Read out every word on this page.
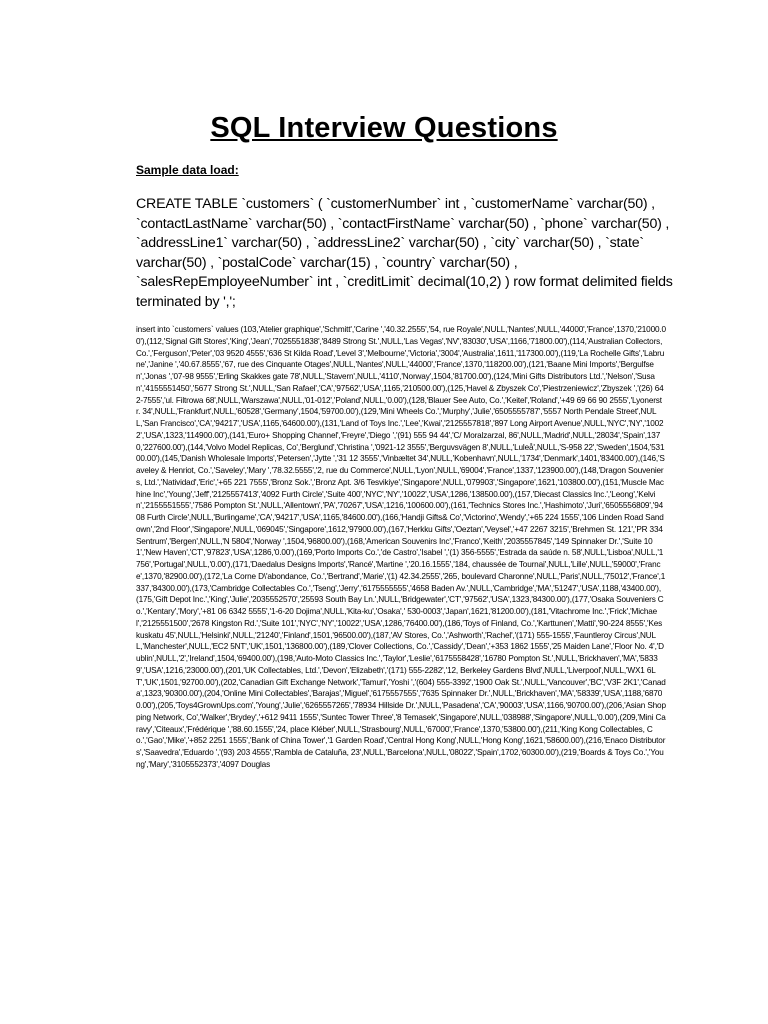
SQL Interview Questions
Sample data load:
CREATE TABLE `customers` ( `customerNumber` int , `customerName` varchar(50) , `contactLastName` varchar(50) , `contactFirstName` varchar(50) , `phone` varchar(50) , `addressLine1` varchar(50) , `addressLine2` varchar(50) , `city` varchar(50) , `state` varchar(50) , `postalCode` varchar(15) , `country` varchar(50) , `salesRepEmployeeNumber` int , `creditLimit` decimal(10,2) ) row format delimited fields terminated by ',';
insert into `customers` values (103,'Atelier graphique','Schmitt','Carine ','40.32.2555','54, rue Royale',NULL,'Nantes',NULL,'44000','France',1370,'21000.00'),(112,'Signal Gift Stores','King','Jean','7025551838','8489 Strong St.',NULL,'Las Vegas','NV','83030','USA',1166,'71800.00'),(114,'Australian Collectors, Co.','Ferguson','Peter','03 9520 4555','636 St Kilda Road','Level 3','Melbourne','Victoria','3004','Australia',1611,'117300.00'),(119,'La Rochelle Gifts','Labrune','Janine ','40.67.8555','67, rue des Cinquante Otages',NULL,'Nantes',NULL,'44000','France',1370,'118200.00'),(121,'Baane Mini Imports','Bergulfsen','Jonas ','07-98 9555','Erling Skakkes gate 78',NULL,'Stavern',NULL,'4110','Norway',1504,'81700.00'),(124,'Mini Gifts Distributors Ltd.','Nelson','Susan','4155551450','5677 Strong St.',NULL,'San Rafael','CA','97562','USA',1165,'210500.00'),(125,'Havel & Zbyszek Co','Piestrzeniewicz','Zbyszek ','(26) 642-7555','ul. Filtrowa 68',NULL,'Warszawa',NULL,'01-012','Poland',NULL,'0.00'),(128,'Blauer See Auto, Co.','Keitel','Roland','+49 69 66 90 2555','Lyonerstr. 34',NULL,'Frankfurt',NULL,'60528','Germany',1504,'59700.00'),(129,'Mini Wheels Co.','Murphy','Julie','6505555787','5557 North Pendale Street',NULL,'San Francisco','CA','94217','USA',1165,'64600.00'),(131,'Land of Toys Inc.','Lee','Kwai','2125557818','897 Long Airport Avenue',NULL,'NYC','NY','10022','USA',1323,'114900.00'),(141,'Euro+ Shopping Channel','Freyre','Diego ','(91) 555 94 44','C/ Moralzarzal, 86',NULL,'Madrid',NULL,'28034','Spain',1370,'227600.00'),(144,'Volvo Model Replicas, Co','Berglund','Christina ','0921-12 3555','Berguvsvägen 8',NULL,'Luleå',NULL,'S-958 22','Sweden',1504,'53100.00'),(145,'Danish Wholesale Imports','Petersen','Jytte ','31 12 3555','Vinbæltet 34',NULL,'Kobenhavn',NULL,'1734','Denmark',1401,'83400.00'),(146,'Saveley & Henriot, Co.','Saveley','Mary ','78.32.5555','2, rue du Commerce',NULL,'Lyon',NULL,'69004','France',1337,'123900.00'),(148,'Dragon Souveniers, Ltd.','Natividad','Eric','+65 221 7555','Bronz Sok.','Bronz Apt. 3/6 Tesvikiye','Singapore',NULL,'079903','Singapore',1621,'103800.00'),(151,'Muscle Machine Inc','Young','Jeff','2125557413','4092 Furth Circle','Suite 400','NYC','NY','10022','USA',1286,'138500.00'),(157,'Diecast Classics Inc.','Leong','Kelvin','2155551555','7586 Pompton St.',NULL,'Allentown','PA','70267','USA',1216,'100600.00'),(161,'Technics Stores Inc.','Hashimoto','Juri','6505556809','9408 Furth Circle',NULL,'Burlingame','CA','94217','USA',1165,'84600.00'),(166,'Handji Gifts& Co','Victorino','Wendy','+65 224 1555','106 Linden Road Sandown','2nd Floor','Singapore',NULL,'069045','Singapore',1612,'97900.00'),(167,'Herkku Gifts','Oeztan','Veysel','+47 2267 3215','Brehmen St. 121','PR 334 Sentrum','Bergen',NULL,'N 5804','Norway ',1504,'96800.00'),(168,'American Souvenirs Inc','Franco','Keith','2035557845','149 Spinnaker Dr.','Suite 101','New Haven','CT','97823','USA',1286,'0.00'),(169,'Porto Imports Co.','de Castro','Isabel ','(1) 356-5555','Estrada da saúde n. 58',NULL,'Lisboa',NULL,'1756','Portugal',NULL,'0.00'),(171,'Daedalus Designs Imports','Rancé','Martine ','20.16.1555','184, chaussée de Tournai',NULL,'Lille',NULL,'59000','France',1370,'82900.00'),(172,'La Corne D\'abondance, Co.','Bertrand','Marie','(1) 42.34.2555','265, boulevard Charonne',NULL,'Paris',NULL,'75012','France',1337,'84300.00'),(173,'Cambridge Collectables Co.','Tseng','Jerry','6175555555','4658 Baden Av.',NULL,'Cambridge','MA','51247','USA',1188,'43400.00'),(175,'Gift Depot Inc.','King','Julie','2035552570','25593 South Bay Ln.',NULL,'Bridgewater','CT','97562','USA',1323,'84300.00'),(177,'Osaka Souveniers Co.','Kentary','Mory','+81 06 6342 5555','1-6-20 Dojima',NULL,'Kita-ku','Osaka',' 530-0003','Japan',1621,'81200.00'),(181,'Vitachrome Inc.','Frick','Michael','2125551500','2678 Kingston Rd.','Suite 101','NYC','NY','10022','USA',1286,'76400.00'),(186,'Toys of Finland, Co.','Karttunen','Matti','90-224 8555','Keskuskatu 45',NULL,'Helsinki',NULL,'21240','Finland',1501,'96500.00'),(187,'AV Stores, Co.','Ashworth','Rachel','(171) 555-1555','Fauntleroy Circus',NULL,'Manchester',NULL,'EC2 5NT','UK',1501,'136800.00'),(189,'Clover Collections, Co.','Cassidy','Dean','+353 1862 1555','25 Maiden Lane','Floor No. 4','Dublin',NULL,'2','Ireland',1504,'69400.00'),(198,'Auto-Moto Classics Inc.','Taylor','Leslie','6175558428','16780 Pompton St.',NULL,'Brickhaven','MA','58339','USA',1216,'23000.00'),(201,'UK Collectables, Ltd.','Devon','Elizabeth','(171) 555-2282','12, Berkeley Gardens Blvd',NULL,'Liverpool',NULL,'WX1 6LT','UK',1501,'92700.00'),(202,'Canadian Gift Exchange Network','Tamuri','Yoshi ','(604) 555-3392','1900 Oak St.',NULL,'Vancouver','BC','V3F 2K1','Canada',1323,'90300.00'),(204,'Online Mini Collectables','Barajas','Miguel','6175557555','7635 Spinnaker Dr.',NULL,'Brickhaven','MA','58339','USA',1188,'68700.00'),(205,'Toys4GrownUps.com','Young','Julie','6265557265','78934 Hillside Dr.',NULL,'Pasadena','CA','90003','USA',1166,'90700.00'),(206,'Asian Shopping Network, Co','Walker','Brydey','+612 9411 1555','Suntec Tower Three','8 Temasek','Singapore',NULL,'038988','Singapore',NULL,'0.00'),(209,'Mini Caravy','Citeaux','Frédérique ','88.60.1555','24, place Kléber',NULL,'Strasbourg',NULL,'67000','France',1370,'53800.00'),(211,'King Kong Collectables, Co.','Gao','Mike','+852 2251 1555','Bank of China Tower','1 Garden Road','Central Hong Kong',NULL,'Hong Kong',1621,'58600.00'),(216,'Enaco Distributors','Saavedra','Eduardo ','(93) 203 4555','Rambla de Cataluña, 23',NULL,'Barcelona',NULL,'08022','Spain',1702,'60300.00'),(219,'Boards & Toys Co.','Young','Mary','3105552373','4097 Douglas
